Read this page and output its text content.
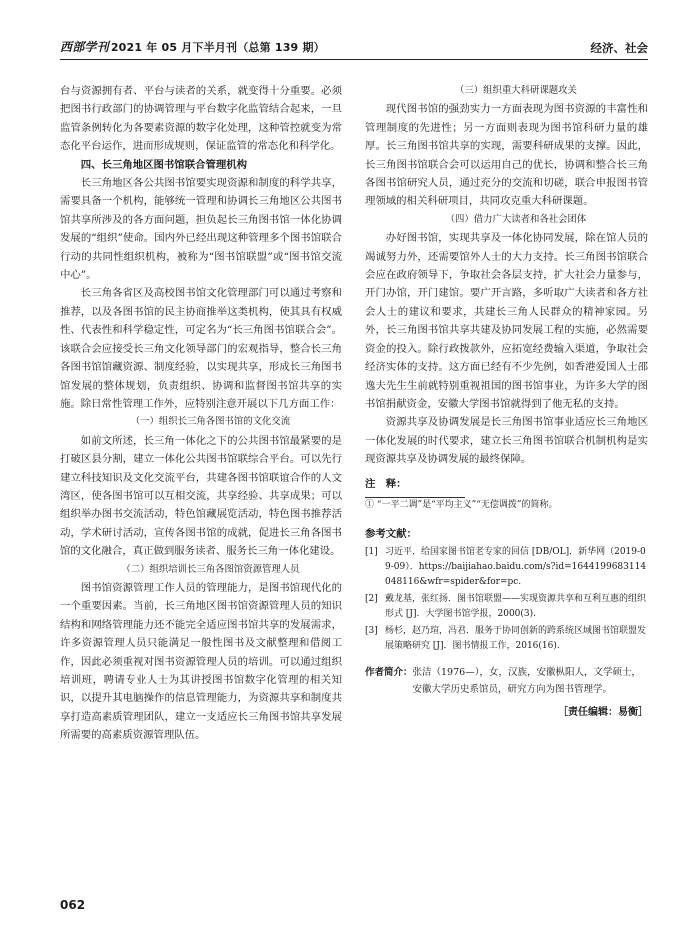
西部学刊 2021 年 05 月下半月刊（总第 139 期）	经济、社会

台与资源拥有者、平台与读者的关系，就变得十分重要。必须把图书行政部门的协调管理与平台数字化监管结合起来，一旦监管条例转化为各要素资源的数字化处理，这种管控就变为常态化平台运作，进而形成规则，保证监管的常态化和科学化。

四、长三角地区图书馆联合管理机构

长三角地区各公共图书馆要实现资源和制度的科学共享，需要具备一个机构，能够统一管理和协调长三角地区公共图书馆共享所涉及的各方面问题，担负起长三角图书馆一体化协调发展的“组织”使命。国内外已经出现这种管理多个图书馆联合行动的共同性组织机构，被称为“图书馆联盟”或“图书馆交流中心”。

长三角各省区及高校图书馆文化管理部门可以通过考察和推荐，以及各图书馆的民主协商推举这类机构，使其具有权威性、代表性和科学稳定性，可定名为“长三角图书馆联合会”。该联合会应接受长三角文化领导部门的宏观指导，整合长三角各图书馆馆藏资源、制度经验，以实现共享，形成长三角图书馆发展的整体规划，负责组织、协调和监督图书馆共享的实施。除日常性管理工作外，应特别注意开展以下几方面工作：

（一）组织长三角各图书馆的文化交流

如前文所述，长三角一体化之下的公共图书馆最紧要的是打破区县分割，建立一体化公共图书馆联综合平台。可以先行建立科技知识及文化交流平台，共建各图书馆联谊合作的人文湾区，使各图书馆可以互相交流，共享经验、共享成果；可以组织举办图书交流活动，特色馆藏展览活动，特色图书推荐活动，学术研讨活动，宣传各图书馆的成就，促进长三角各图书馆的文化融合，真正做到服务读者、服务长三角一体化建设。

（二）组织培训长三角各图馆资源管理人员

图书馆资源管理工作人员的管理能力，是图书馆现代化的一个重要因素。当前，长三角地区图书馆资源管理人员的知识结构和网络管理能力还不能完全适应图书馆共享的发展需求，许多资源管理人员只能满足一般性图书及文献整理和借阅工作，因此必须重视对图书资源管理人员的培训。可以通过组织培训班，聘请专业人士为其讲授图书馆数字化管理的相关知识，以提升其电脑操作的信息管理能力，为资源共享和制度共享打造高素质管理团队，建立一支适应长三角图书馆共享发展所需要的高素质资源管理队伍。

（三）组织重大科研课题攻关

现代图书馆的强劲实力一方面表现为图书资源的丰富性和管理制度的先进性；另一方面则表现为图书馆科研力量的雄厚。长三角图书馆共享的实现，需要科研成果的支撑。因此，长三角图书馆联合会可以运用自己的优长，协调和整合长三角各图书馆研究人员，通过充分的交流和切磋，联合申报图书管理领域的相关科研项目，共同攻克重大科研课题。

（四）借力广大读者和各社会团体

办好图书馆，实现共享及一体化协同发展，除在馆人员的竭诚努力外，还需要馆外人士的大力支持。长三角图书馆联合会应在政府领导下，争取社会各层支持，扩大社会力量参与，开门办馆，开门建馆。要广开言路，多听取广大读者和各方社会人士的建议和要求，共建长三角人民群众的精神家园。另外，长三角图书馆共享共建及协同发展工程的实施，必然需要资金的投入。除行政拨款外，应拓宽经费输入渠道，争取社会经济实体的支持。这方面已经有不少先例，如香港爱国人士邵逸夫先生生前就特别重视祖国的图书馆事业，为许多大学的图书馆捐献资金，安徽大学图书馆就得到了他无私的支持。

资源共享及协调发展是长三角图书馆事业适应长三角地区一体化发展的时代要求，建立长三角图书馆联合机制机构是实现资源共享及协调发展的最终保障。

注　释：

① “一平二调”是“平均主义”“无偿调拨”的简称。

参考文献：
[1] 习近平．给国家图书馆老专家的回信 [DB/OL]．新华网（2019-09-09）．https://baijiahao.baidu.com/s?id=1644199683114048116&wfr=spider&for=pc.
[2] 戴龙基，张红扬．图书馆联盟——实现资源共享和互利互惠的组织形式 [J]．大学图书馆学报，2000(3).
[3] 杨杉，赵乃瑄，冯君．服务于协同创新的跨系统区域图书馆联盟发展策略研究 [J]．图书情报工作，2016(16).
作者简介： 张洁（1976—），女，汉族，安徽枞阳人，文学硕士，安徽大学历史系馆员，研究方向为图书管理学。
［责任编辑：易衡］
062
